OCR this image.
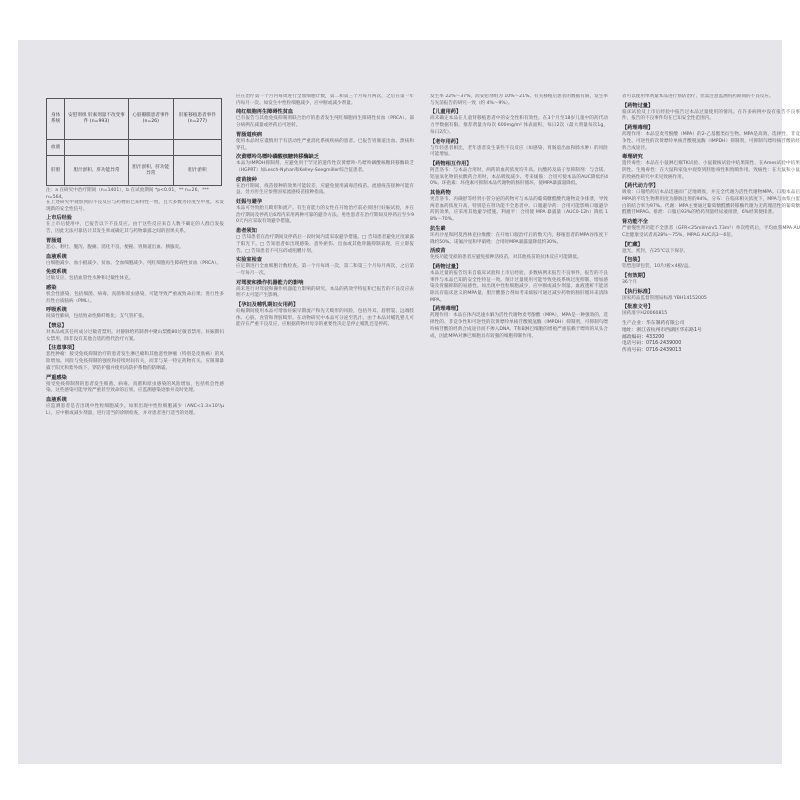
身体系统	安慰剂组 肝素剂量不改变事件 (n=993)	心脏瓣膜患者事件 (n=26)	肝脏移植患者事件 (n=277)
血液			
肝胆	胆汁淤积、肝功能异常	胆汁淤积、肝功能异常	胆汁淤积
注：a 在研究中治疗期间（n=1401），b 在试验期间 *p<0.01，** n=26，*** n=564。
在上述研究中观察到的不良反应与药物的已知特性一致，且大多数为轻度至中度。未发现新的安全性信号。
上市后经验
在上市后使用中，已报告以下不良反应。由于这些反应来自人数不确定的人群自发报告，因此无法可靠估计其发生率或确定其与药物暴露之间的因果关系。
胃肠道
恶心、呕吐、腹泻、腹痛、消化不良、便秘、胃肠道出血、胰腺炎。
血液系统
白细胞减少、血小板减少、贫血、全血细胞减少、纯红细胞再生障碍性贫血（PRCA）。
免疫系统
过敏反应，包括血管性水肿和过敏性休克。
感染
机会性感染，包括细菌、病毒、真菌和原虫感染，可能导致严重或致命后果；进行性多灶性白质脑病（PML）。
呼吸系统
间质性肺病，包括致命性肺纤维化；支气管扩张。
【禁忌】
对本品或其任何成分过敏者禁用。对静脉给药制剂中聚山梨酯80过敏者禁用。妊娠期妇女禁用，除非没有其他合适的替代治疗方案。
【注意事项】
恶性肿瘤：接受免疫抑制治疗的患者发生淋巴瘤和其他恶性肿瘤（特别是皮肤癌）的风险增加。风险与免疫抑制的强度和持续时间有关，而非与某一特定药物有关。应限制暴露于阳光和紫外线下，穿防护服并使用高防护系数的防晒霜。
严重感染
接受免疫抑制剂的患者发生细菌、病毒、真菌和原虫感染的风险增加，包括机会性感染。这些感染可能导致严重甚至致命的后果。应监测感染迹象并及时处理。
血液系统
应监测患者是否出现中性粒细胞减少。如果出现中性粒细胞减少（ANC<1.3×10³/μL），应中断或减少剂量，进行适当的诊断检查，并对患者进行适当的处理。
应在治疗第一个月内每周进行全血细胞计数，第二和第三个月每月两次，之后在第一年内每月一次。如发生中性粒细胞减少，应中断或减少剂量。
纯红细胞再生障碍性贫血
已有报告与其他免疫抑制剂联合治疗的患者发生纯红细胞再生障碍性贫血（PRCA）。部分病例在减量或停药后可逆转。
胃肠道疾病
使用本品时应谨慎用于有活动性严重消化系统疾病的患者。已报告胃肠道出血、溃疡和穿孔。
次黄嘌呤鸟嘌呤磷酸核糖转移酶缺乏
本品为IMPDH抑制剂，应避免用于罕见的遗传性次黄嘌呤-鸟嘌呤磷酸核糖转移酶缺乏（HGPRT）如Lesch-Nyhan和Kelley-Seegmiller综合征患者。
疫苗接种
在治疗期间，疫苗接种的效果可能较差，应避免使用减毒活疫苗。流感疫苗接种可能有益，处方医生应参照国家流感疫苗接种指南。
妊娠与避孕
本品可导致胎儿畸形和流产。有生育能力的女性在开始治疗前必须进行妊娠试验，并在治疗期间及停药后6周内采用两种可靠的避孕方法。男性患者在治疗期间及停药后至少90天内应采取有效避孕措施。
患者须知
□ 告知患者在治疗期间及停药后一段时间内需采取避孕措施。□ 告知患者避免过度暴露于阳光下。□ 告知患者如出现感染、意外瘀伤、出血或其他骨髓抑制表现，应立即报告。□ 告知患者不可压碎或咀嚼片剂。
实验室检查
应定期进行全血细胞计数检查。第一个月每周一次，第二和第三个月每月两次，之后第一年每月一次。
对驾驶和操作机器能力的影响
尚未进行对驾驶和操作机器能力影响的研究。本品的药效学特征和已报告的不良反应表明不太可能产生影响。
【孕妇及哺乳期妇女用药】
妊娠期间使用本品可增加妊娠早期流产和先天畸形的风险，包括外耳、唇腭裂、远端肢体、心脏、食管和肾脏畸形。在动物研究中本品可分泌至乳汁。由于本品对哺乳婴儿可能存在严重不良反应，应根据药物对母亲的重要性决定是停止哺乳还是停药。
发生率 22%～37%，而安慰剂组为 10%～21%。有关移植后患者的数据有限，发生率与先前报告的研究一致（约 4%～9%）。
【儿童用药】
尚未确定本品在儿童肾移植患者中的安全性和有效性。在3个月至18岁儿童中的药代动力学数据有限。推荐剂量为每次 600mg/m² 体表面积，每日2次（最大剂量每次1g，每日2次）。
【老年用药】
与年轻患者相比，老年患者发生某些不良反应（如感染、胃肠道出血和肺水肿）的风险可能增加。
【药物相互作用】
阿昔洛韦：与本品合用时，两药的血药浓度均升高。抗酸药及质子泵抑制剂：与含镁、铝氢氧化物的抗酸药合用时，本品吸收减少。考来烯胺：合用可使本品的AUC降低约40%。环孢素：环孢素可抑制本品代谢物的肠肝循环，使MPA暴露量降低。
其他药物
更昔洛韦、丙磺舒等经肾小管分泌的药物可与本品的葡萄糖醛酸代谢物竞争排泄，导致两者血药浓度升高，特别是在肾功能不全患者中。口服避孕药：合用可能影响口服避孕药的效果，应采用其他避孕措施。利福平：合用使 MPA 暴露量（AUC0-12h）降低 18%～70%。
抗生素
环丙沙星和阿莫西林克拉维酸：在开始口服治疗后的数天内，移植患者的MPA谷浓度下降约50%。诺氟沙星和甲硝唑：合用时MPA暴露量降低约30%。
活疫苗
免疫功能受损的患者应避免接种活疫苗，对其他疫苗的抗体反应可能降低。
【药物过量】
本品过量的报告均来自临床试验和上市后经验。多数病例未报告不良事件，报告的不良事件与本品已知的安全性特征一致。预计过量使用可能导致免疫系统过度抑制，增加感染及骨髓抑制的易感性。如出现中性粒细胞减少，应中断或减少剂量。血液透析不能清除具有临床意义的MPA量，胆汁酸螯合剂如考来烯胺可通过减少药物的肠肝循环来清除MPA。
【药理毒理】
药理作用：本品在体内迅速水解为活性代谢物麦考酚酸（MPA），MPA是一种强效的、选择性的、非竞争性和可逆性的次黄嘌呤单核苷酸脱氢酶（IMPDH）抑制剂，可抑制鸟嘌呤核苷酸的经典合成途径而不掺入DNA。T和B淋巴细胞的增殖严重依赖于嘌呤的从头合成，因此MPA对淋巴细胞具有较强的细胞抑制作用。
者可以使用单剂量本品进行预防治疗，但需注意监测用药期间的不良反应。
【药物过量】
临床试验及上市后经验中报告过本品过量使用的情况。在许多病例中没有报告不良事件，报告的不良事件均在已知安全性范围内。
【药理毒理】
药理作用：本品是麦考酚酸（MPA）的2-乙基酯类衍生物。MPA是高效、选择性、非竞争性、可逆性的次黄嘌呤单核苷酸脱氢酶（IMPDH）抑制剂，可抑制鸟嘌呤核苷酸的经典合成途径。
毒理研究
遗传毒性：本品在小鼠淋巴瘤TK试验、小鼠微核试验中结果阳性，在Ames试验中结果阴性。生殖毒性：在大鼠和家兔中观察到胚胎毒性和致畸作用。致癌性：在大鼠和小鼠的致癌性研究中未见致癌作用。
【药代动力学】
吸收：口服给药后本品迅速而广泛地吸收，并完全代谢为活性代谢物MPA。口服本品后MPA的平均生物利用度为静脉注射的94%。分布：在临床相关浓度下，MPA与血浆白蛋白的结合率为97%。代谢：MPA主要通过葡萄糖醛酸转移酶代谢为无药理活性的葡萄糖醛酸苷MPAG。排泄：口服后93%的给药剂量经尿液排泄，6%经粪便排泄。
肾功能不全
严重慢性肾功能不全患者（GFR<25ml/min/1.73m²）单次给药后，平均血浆MPA AUC比健康受试者高28%～75%，MPAG AUC高3～6倍。
【贮藏】
遮光，密封，在25℃以下保存。
【包装】
铝塑泡罩包装，10片/板×4板/盒。
【有效期】
36个月
【执行标准】
国家药品监督管理局标准 YBH14152005
【批准文号】
国药准字H20060815
生产企业：华东制药有限公司
地址：浙江省杭州市西湖区华东路1号
邮政编码：433200
电话号码：0716-2439000
传真号码：0716-2439013
